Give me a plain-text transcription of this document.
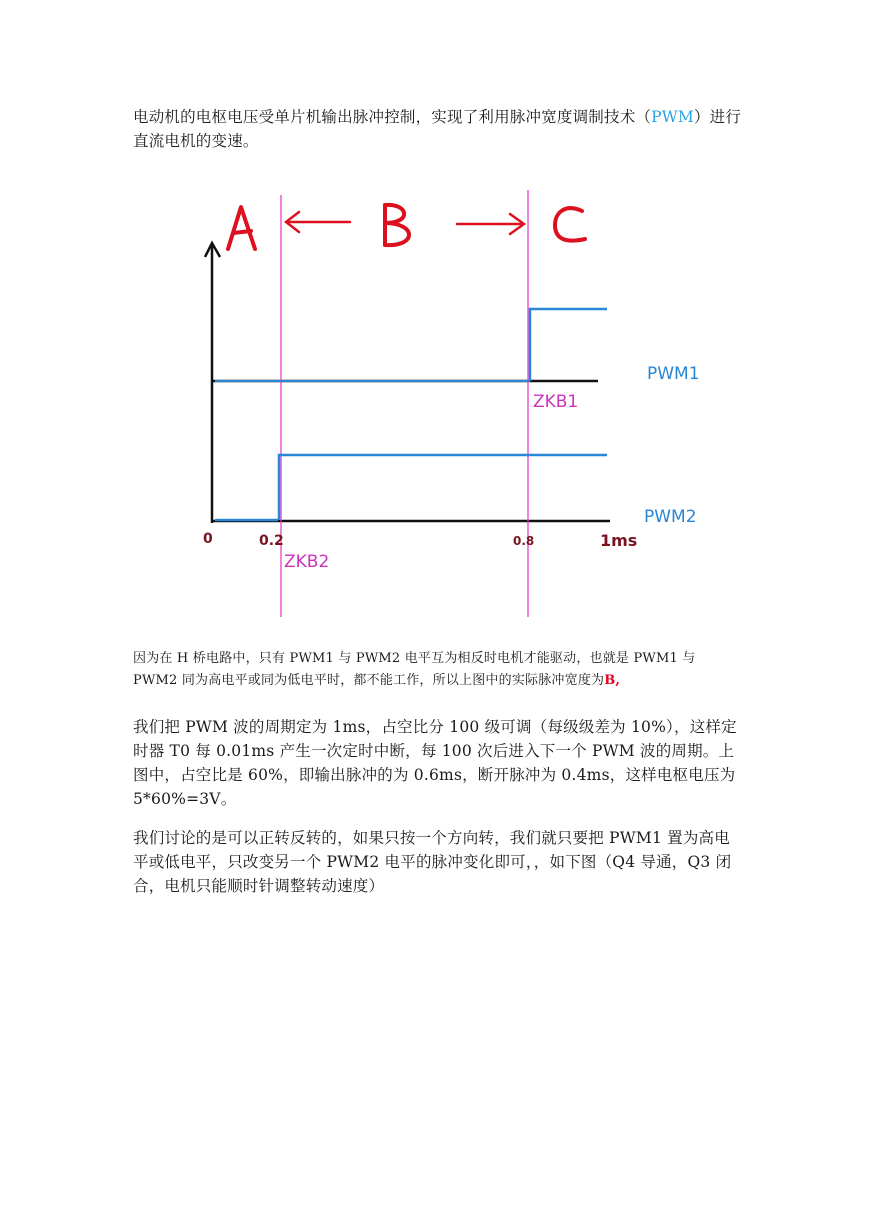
电动机的电枢电压受单片机输出脉冲控制，实现了利用脉冲宽度调制技术（PWM）进行直流电机的变速。

ZKB1
ZKB2
0	0.2	0.8	1ms
PWM2
PWM1

因为在 H 桥电路中，只有 PWM1 与 PWM2 电平互为相反时电机才能驱动，也就是 PWM1 与 PWM2 同为高电平或同为低电平时，都不能工作，所以上图中的实际脉冲宽度为B,

我们把 PWM 波的周期定为 1ms，占空比分 100 级可调（每级级差为 10%），这样定时器 T0 每 0.01ms 产生一次定时中断，每 100 次后进入下一个 PWM 波的周期。上图中，占空比是 60%，即输出脉冲的为 0.6ms，断开脉冲为 0.4ms，这样电枢电压为 5*60%=3V。

我们讨论的是可以正转反转的，如果只按一个方向转，我们就只要把 PWM1 置为高电平或低电平，只改变另一个 PWM2 电平的脉冲变化即可，，如下图（Q4 导通，Q3 闭合，电机只能顺时针调整转动速度）
